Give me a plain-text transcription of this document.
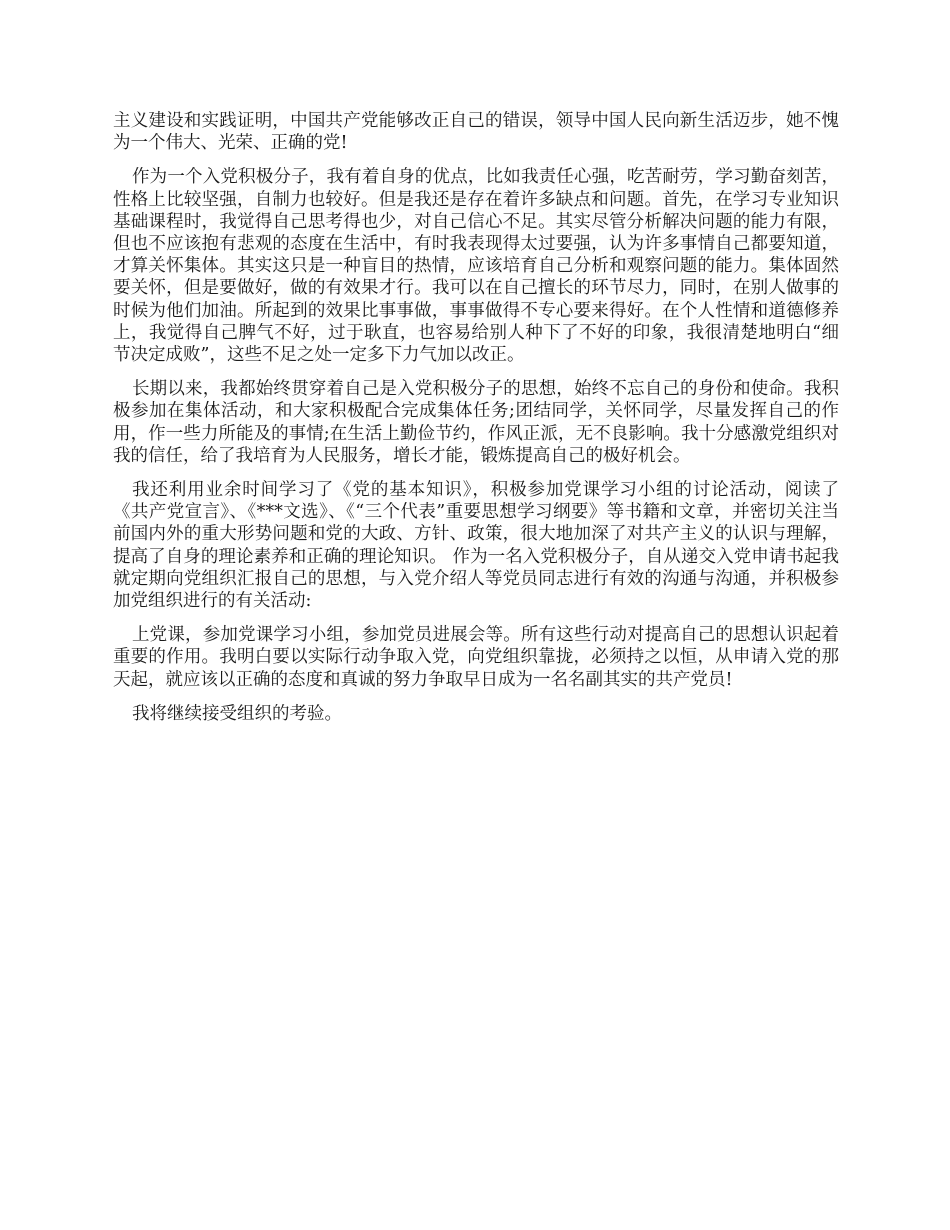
主义建设和实践证明，中国共产党能够改正自己的错误，领导中国人民向新生活迈步，她不愧为一个伟大、光荣、正确的党!

作为一个入党积极分子，我有着自身的优点，比如我责任心强，吃苦耐劳，学习勤奋刻苦，性格上比较坚强，自制力也较好。但是我还是存在着许多缺点和问题。首先，在学习专业知识基础课程时，我觉得自己思考得也少，对自己信心不足。其实尽管分析解决问题的能力有限，但也不应该抱有悲观的态度在生活中，有时我表现得太过要强，认为许多事情自己都要知道，才算关怀集体。其实这只是一种盲目的热情，应该培育自己分析和观察问题的能力。集体固然要关怀，但是要做好，做的有效果才行。我可以在自己擅长的环节尽力，同时，在别人做事的时候为他们加油。所起到的效果比事事做，事事做得不专心要来得好。在个人性情和道德修养上，我觉得自己脾气不好，过于耿直，也容易给别人种下了不好的印象，我很清楚地明白“细节决定成败”，这些不足之处一定多下力气加以改正。

长期以来，我都始终贯穿着自己是入党积极分子的思想，始终不忘自己的身份和使命。我积极参加在集体活动，和大家积极配合完成集体任务;团结同学，关怀同学，尽量发挥自己的作用，作一些力所能及的事情;在生活上勤俭节约，作风正派，无不良影响。我十分感激党组织对我的信任，给了我培育为人民服务，增长才能，锻炼提高自己的极好机会。

我还利用业余时间学习了《党的基本知识》，积极参加党课学习小组的讨论活动，阅读了《共产党宣言》、《***文选》、《“三个代表”重要思想学习纲要》等书籍和文章，并密切关注当前国内外的重大形势问题和党的大政、方针、政策，很大地加深了对共产主义的认识与理解，提高了自身的理论素养和正确的理论知识。 作为一名入党积极分子，自从递交入党申请书起我就定期向党组织汇报自己的思想，与入党介绍人等党员同志进行有效的沟通与沟通，并积极参加党组织进行的有关活动:

上党课，参加党课学习小组，参加党员进展会等。所有这些行动对提高自己的思想认识起着重要的作用。我明白要以实际行动争取入党，向党组织靠拢，必须持之以恒，从申请入党的那天起，就应该以正确的态度和真诚的努力争取早日成为一名名副其实的共产党员!

我将继续接受组织的考验。
